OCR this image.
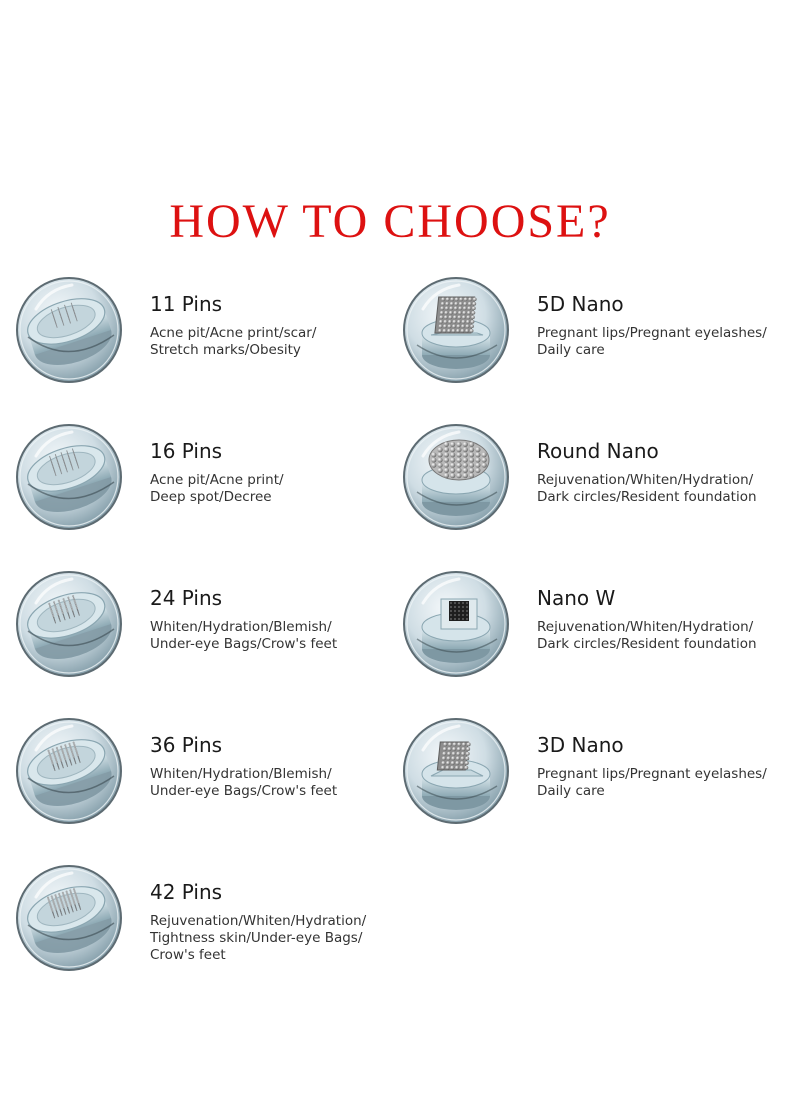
HOW TO CHOOSE?
11 Pins
Acne pit/Acne print/scar/
Stretch marks/Obesity
5D Nano
Pregnant lips/Pregnant eyelashes/
Daily care
16 Pins
Acne pit/Acne print/
Deep spot/Decree
Round Nano
Rejuvenation/Whiten/Hydration/
Dark circles/Resident foundation
24 Pins
Whiten/Hydration/Blemish/
Under-eye Bags/Crow's feet
Nano W
Rejuvenation/Whiten/Hydration/
Dark circles/Resident foundation
36 Pins
Whiten/Hydration/Blemish/
Under-eye Bags/Crow's feet
3D Nano
Pregnant lips/Pregnant eyelashes/
Daily care
42 Pins
Rejuvenation/Whiten/Hydration/
Tightness skin/Under-eye Bags/
Crow's feet
